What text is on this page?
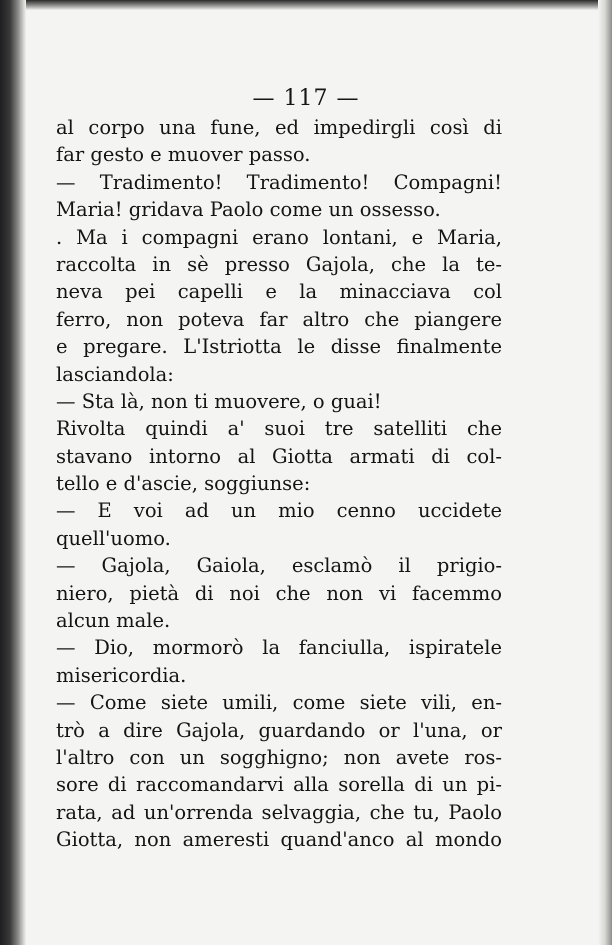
— 117 —
al corpo una fune, ed impedirgli così di
far gesto e muover passo.
— Tradimento! Tradimento! Compagni!
Maria! gridava Paolo come un ossesso.
. Ma i compagni erano lontani, e Maria,
raccolta in sè presso Gajola, che la te-
neva pei capelli e la minacciava col
ferro, non poteva far altro che piangere
e pregare. L'Istriotta le disse finalmente
lasciandola:
— Sta là, non ti muovere, o guai!
Rivolta quindi a' suoi tre satelliti che
stavano intorno al Giotta armati di col-
tello e d'ascie, soggiunse:
— E voi ad un mio cenno uccidete
quell'uomo.
— Gajola, Gaiola, esclamò il prigio-
niero, pietà di noi che non vi facemmo
alcun male.
— Dio, mormorò la fanciulla, ispiratele
misericordia.
— Come siete umili, come siete vili, en-
trò a dire Gajola, guardando or l'una, or
l'altro con un sogghigno; non avete ros-
sore di raccomandarvi alla sorella di un pi-
rata, ad un'orrenda selvaggia, che tu, Paolo
Giotta, non ameresti quand'anco al mondo
